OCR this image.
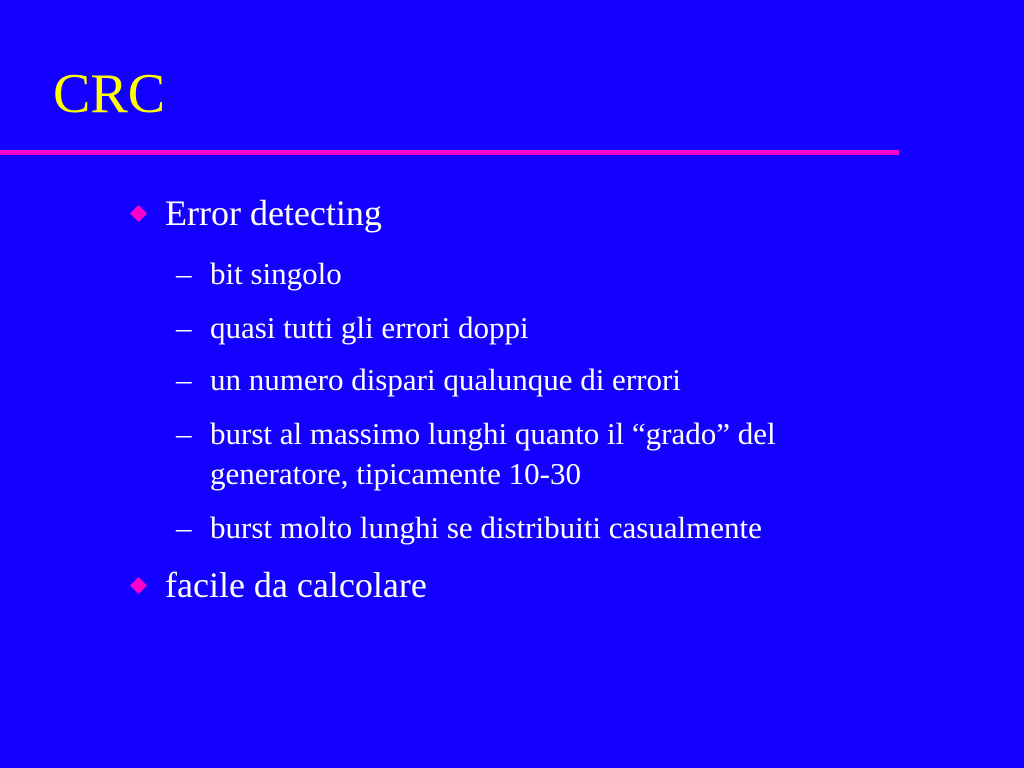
CRC
Error detecting
– bit singolo
– quasi tutti gli errori doppi
– un numero dispari qualunque di errori
– burst al massimo lunghi quanto il “grado” del
generatore, tipicamente 10-30
– burst molto lunghi se distribuiti casualmente
facile da calcolare
